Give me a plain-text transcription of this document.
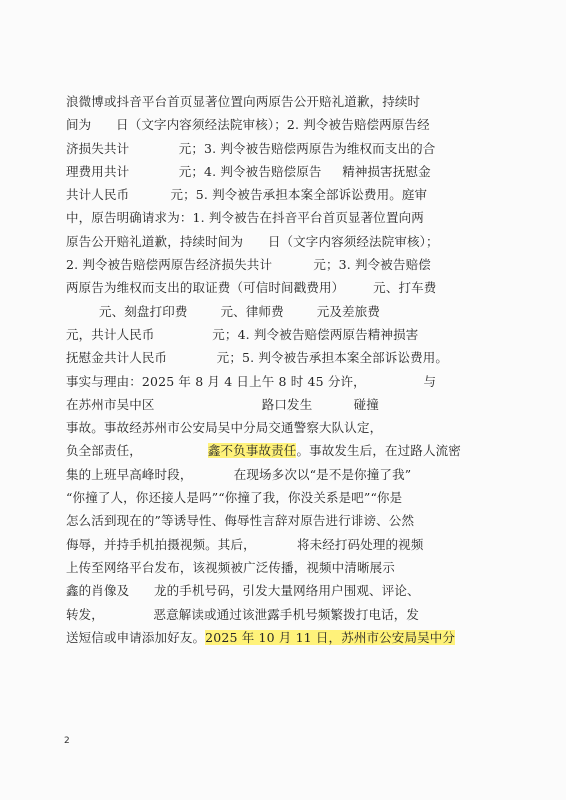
浪微博或抖音平台首页显著位置向两原告公开赔礼道歉，持续时
间为      日（文字内容须经法院审核）；2. 判令被告赔偿两原告经
济损失共计            元；3. 判令被告赔偿两原告为维权而支出的合
理费用共计            元；4. 判令被告赔偿原告     精神损害抚慰金
共计人民币          元；5. 判令被告承担本案全部诉讼费用。庭审
中，原告明确请求为：1. 判令被告在抖音平台首页显著位置向两
原告公开赔礼道歉，持续时间为      日（文字内容须经法院审核）；
2. 判令被告赔偿两原告经济损失共计          元；3. 判令被告赔偿
两原告为维权而支出的取证费（可信时间戳费用）       元、打车费
元、刻盘打印费        元、律师费        元及差旅费
元，共计人民币              元；4. 判令被告赔偿两原告精神损害
抚慰金共计人民币            元；5. 判令被告承担本案全部诉讼费用。
事实与理由：2025 年 8 月 4 日上午 8 时 45 分许，              与
在苏州市吴中区                          路口发生          碰撞
事故。事故经苏州市公安局吴中分局交通警察大队认定，
负全部责任，                鑫不负事故责任。事故发生后，在过路人流密
集的上班早高峰时段，          在现场多次以“是不是你撞了我”
“你撞了人，你还接人是吗”“你撞了我，你没关系是吧”“你是
怎么活到现在的”等诱导性、侮辱性言辞对原告进行诽谤、公然
侮辱，并持手机拍摄视频。其后，          将未经打码处理的视频
上传至网络平台发布，该视频被广泛传播，视频中清晰展示
鑫的肖像及      龙的手机号码，引发大量网络用户围观、评论、
转发，            恶意解读或通过该泄露手机号频繁拨打电话，发
送短信或申请添加好友。2025 年 10 月 11 日，苏州市公安局吴中分
2
